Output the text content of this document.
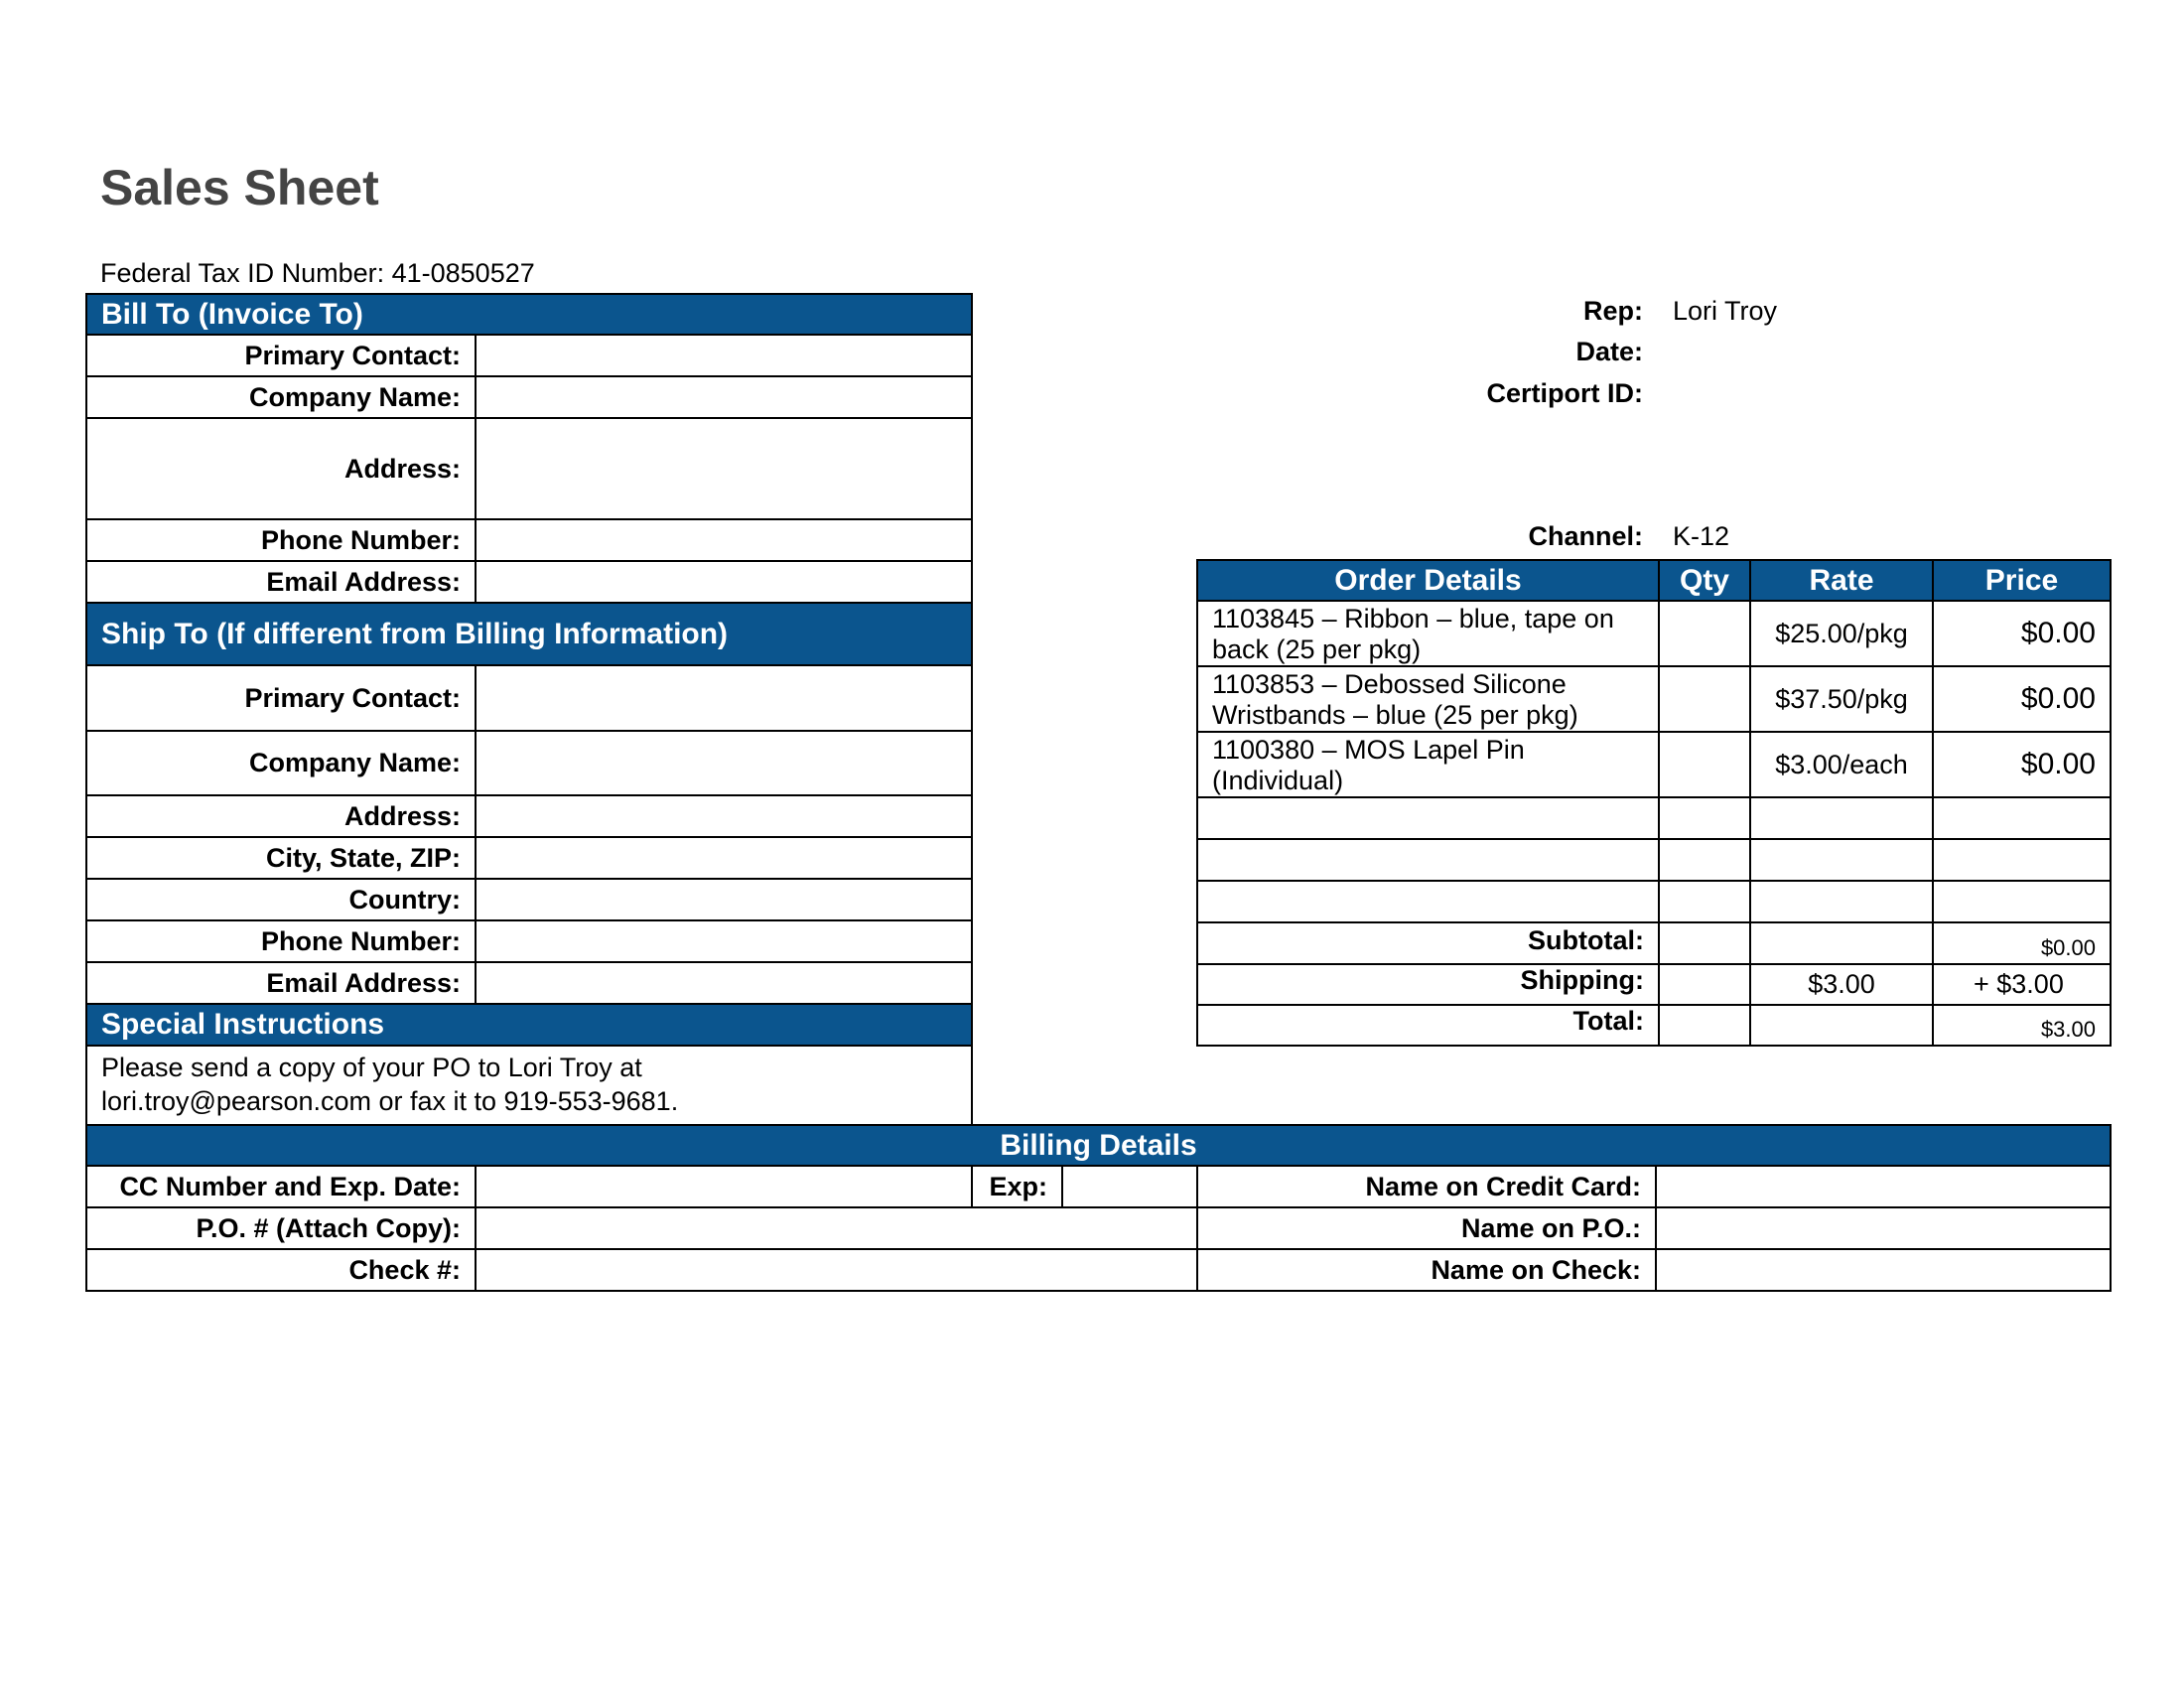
Sales Sheet
Federal Tax ID Number: 41-0850527
Bill To (Invoice To)	
Primary Contact:	
Company Name:	
Address:	
Phone Number:	
Email Address:	
Ship To (If different from Billing Information)	
Primary Contact:	
Company Name:	
Address:	
City, State, ZIP:	
Country:	
Phone Number:	
Email Address:	
Special Instructions	

Please send a copy of your PO to Lori Troy at
lori.troy@pearson.com or fax it to 919-553-9681.	
Rep: Lori Troy
Date:
Certiport ID:
Channel: K-12
Order Details	Qty	Rate	Price

1103845 – Ribbon – blue, tape on
back (25 per pkg)		$25.00/pkg	$0.00

1103853 – Debossed Silicone
Wristbands – blue (25 per pkg)		$37.50/pkg	$0.00

1100380 – MOS Lapel Pin
(Individual)		$3.00/each	$0.00

Subtotal:			$0.00
Shipping:		$3.00	+ $3.00
Total:			$3.00
Billing Details					
CC Number and Exp. Date:		Exp:		Name on Credit Card:	
P.O. # (Attach Copy):				Name on P.O.:	
Check #:				Name on Check:	
